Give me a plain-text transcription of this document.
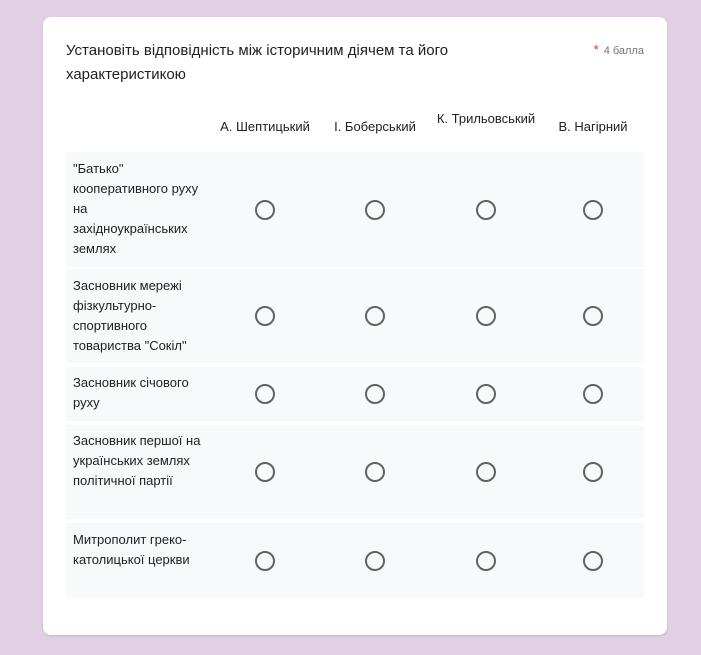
Установіть відповідність між історичним діячем та його характеристикою
* 4 балла
А. Шептицький	І. Боберський
К. Трильовський
В. Нагірний
"Батько" кооперативного руху на західноукраїнських землях
Засновник мережі фізкультурно-спортивного товариства "Сокіл"
Засновник січового руху
Засновник першої на українських землях політичної партії
Митрополит греко-католицької церкви
